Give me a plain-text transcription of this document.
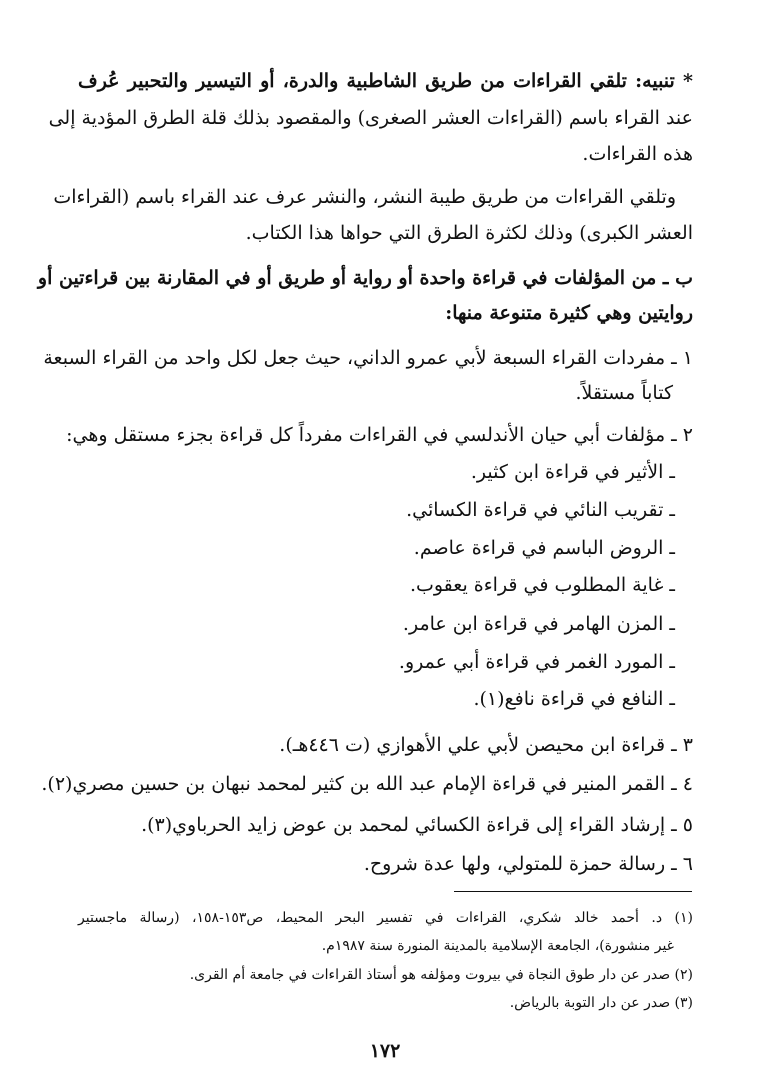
* تنبيه: تلقي القراءات من طريق الشاطبية والدرة، أو التيسير والتحبير عُرف
عند القراء باسم (القراءات العشر الصغرى) والمقصود بذلك قلة الطرق المؤدية إلى
هذه القراءات.
وتلقي القراءات من طريق طيبة النشر، والنشر عرف عند القراء باسم (القراءات
العشر الكبرى) وذلك لكثرة الطرق التي حواها هذا الكتاب.
ب ـ من المؤلفات في قراءة واحدة أو رواية أو طريق أو في المقارنة بين قراءتين أو
روايتين وهي كثيرة متنوعة منها:
١ ـ مفردات القراء السبعة لأبي عمرو الداني، حيث جعل لكل واحد من القراء السبعة
كتاباً مستقلاً.
٢ ـ مؤلفات أبي حيان الأندلسي في القراءات مفرداً كل قراءة بجزء مستقل وهي:
ـ الأثير في قراءة ابن كثير.
ـ تقريب النائي في قراءة الكسائي.
ـ الروض الباسم في قراءة عاصم.
ـ غاية المطلوب في قراءة يعقوب.
ـ المزن الهامر في قراءة ابن عامر.
ـ المورد الغمر في قراءة أبي عمرو.
ـ النافع في قراءة نافع(١).
٣ ـ قراءة ابن محيصن لأبي علي الأهوازي (ت ٤٤٦هـ).
٤ ـ القمر المنير في قراءة الإمام عبد الله بن كثير لمحمد نبهان بن حسين مصري(٢).
٥ ـ إرشاد القراء إلى قراءة الكسائي لمحمد بن عوض زايد الحرباوي(٣).
٦ ـ رسالة حمزة للمتولي، ولها عدة شروح.
(١) د. أحمد خالد شكري، القراءات في تفسير البحر المحيط، ص١٥٣-١٥٨، (رسالة ماجستير
غير منشورة)، الجامعة الإسلامية بالمدينة المنورة سنة ١٩٨٧م.
(٢) صدر عن دار طوق النجاة في بيروت ومؤلفه هو أستاذ القراءات في جامعة أم القرى.
(٣) صدر عن دار التوبة بالرياض.
١٧٢
